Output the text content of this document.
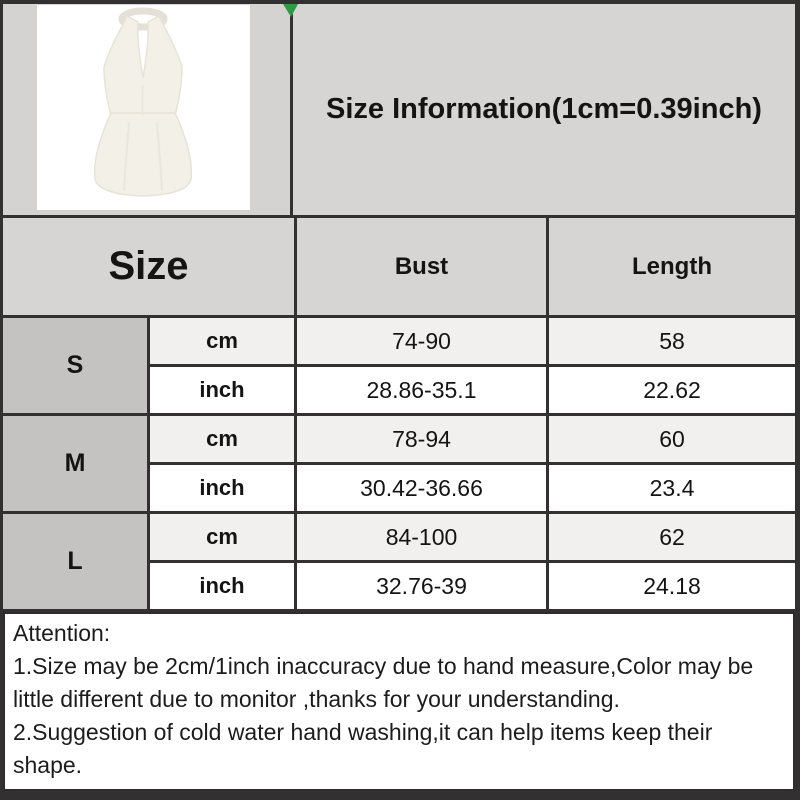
Size Information(1cm=0.39inch)
Size	Bust	Length
S
cm	74-90	58
inch	28.86-35.1	22.62
M
cm	78-94	60
inch	30.42-36.66	23.4
L
cm	84-100	62
inch	32.76-39	24.18

Attention:

1.Size may be 2cm/1inch inaccuracy due to hand measure,Color may be

little different due to monitor ,thanks for your understanding.

2.Suggestion of cold water hand washing,it can help items keep their shape.
